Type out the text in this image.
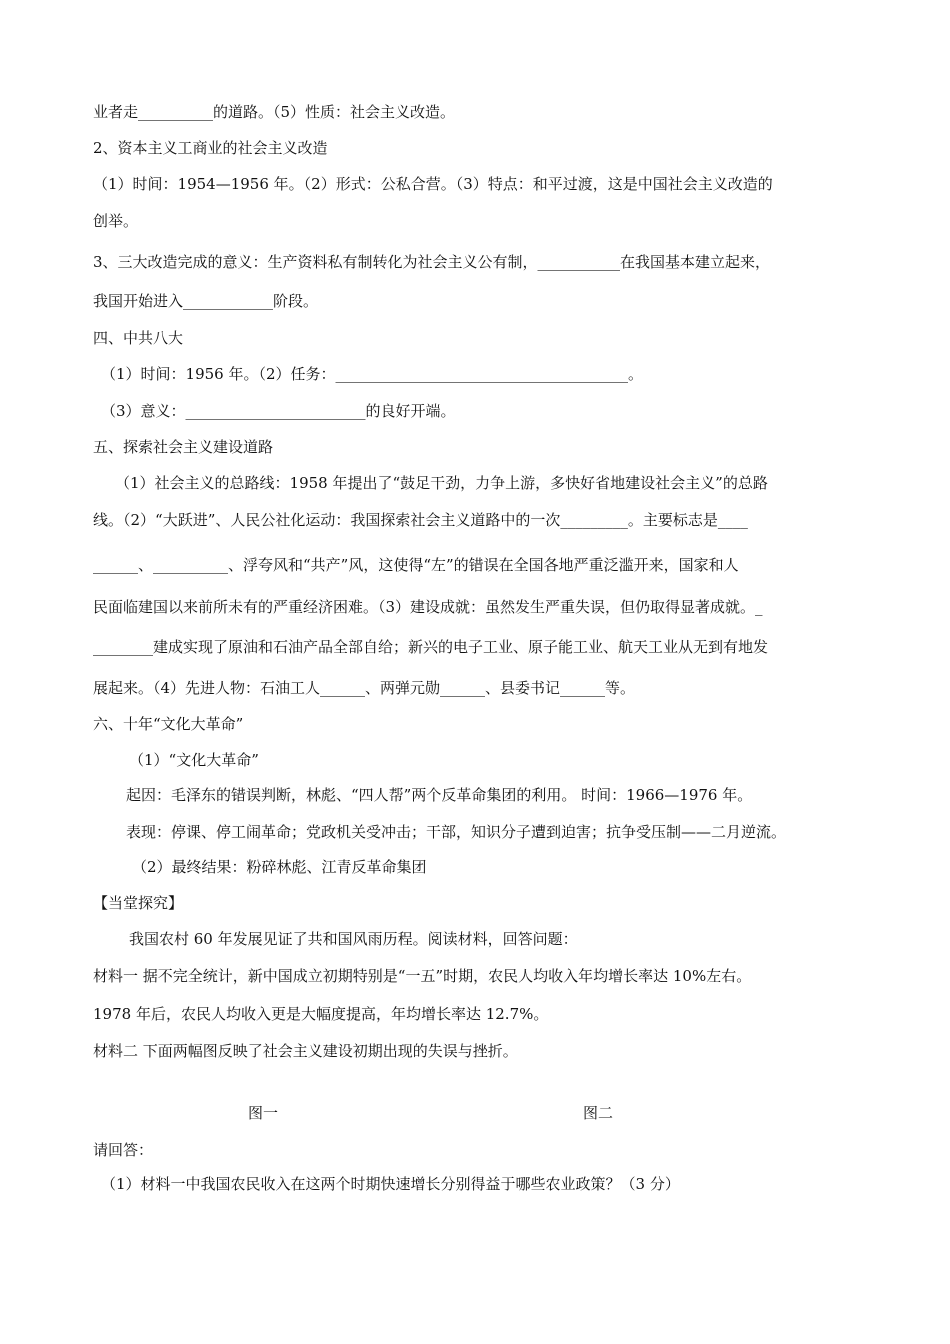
业者走__________的道路。（5）性质：社会主义改造。
2、资本主义工商业的社会主义改造
（1）时间：1954—1956 年。（2）形式：公私合营。（3）特点：和平过渡，这是中国社会主义改造的
创举。
3、三大改造完成的意义：生产资料私有制转化为社会主义公有制，___________在我国基本建立起来，
我国开始进入____________阶段。
四、中共八大
（1）时间：1956 年。（2）任务：_______________________________________。
（3）意义：________________________的良好开端。
五、探索社会主义建设道路
（1）社会主义的总路线：1958 年提出了“鼓足干劲，力争上游，多快好省地建设社会主义”的总路
线。（2）“大跃进”、人民公社化运动：我国探索社会主义道路中的一次_________。主要标志是____
______、__________、浮夸风和“共产”风，这使得“左”的错误在全国各地严重泛滥开来，国家和人
民面临建国以来前所未有的严重经济困难。（3）建设成就：虽然发生严重失误，但仍取得显著成就。_
________建成实现了原油和石油产品全部自给；新兴的电子工业、原子能工业、航天工业从无到有地发
展起来。（4）先进人物：石油工人______、两弹元勋______、县委书记______等。
六、十年“文化大革命”
（1）“文化大革命”
起因：毛泽东的错误判断，林彪、“四人帮”两个反革命集团的利用。 时间：1966—1976 年。
表现：停课、停工闹革命；党政机关受冲击；干部，知识分子遭到迫害；抗争受压制——二月逆流。
（2）最终结果：粉碎林彪、江青反革命集团
【当堂探究】
我国农村 60 年发展见证了共和国风雨历程。阅读材料，回答问题：
材料一 据不完全统计，新中国成立初期特别是“一五”时期，农民人均收入年均增长率达 10%左右。
1978 年后，农民人均收入更是大幅度提高，年均增长率达 12.7%。
材料二 下面两幅图反映了社会主义建设初期出现的失误与挫折。
图一	图二
请回答：
（1）材料一中我国农民收入在这两个时期快速增长分别得益于哪些农业政策？（3 分）
